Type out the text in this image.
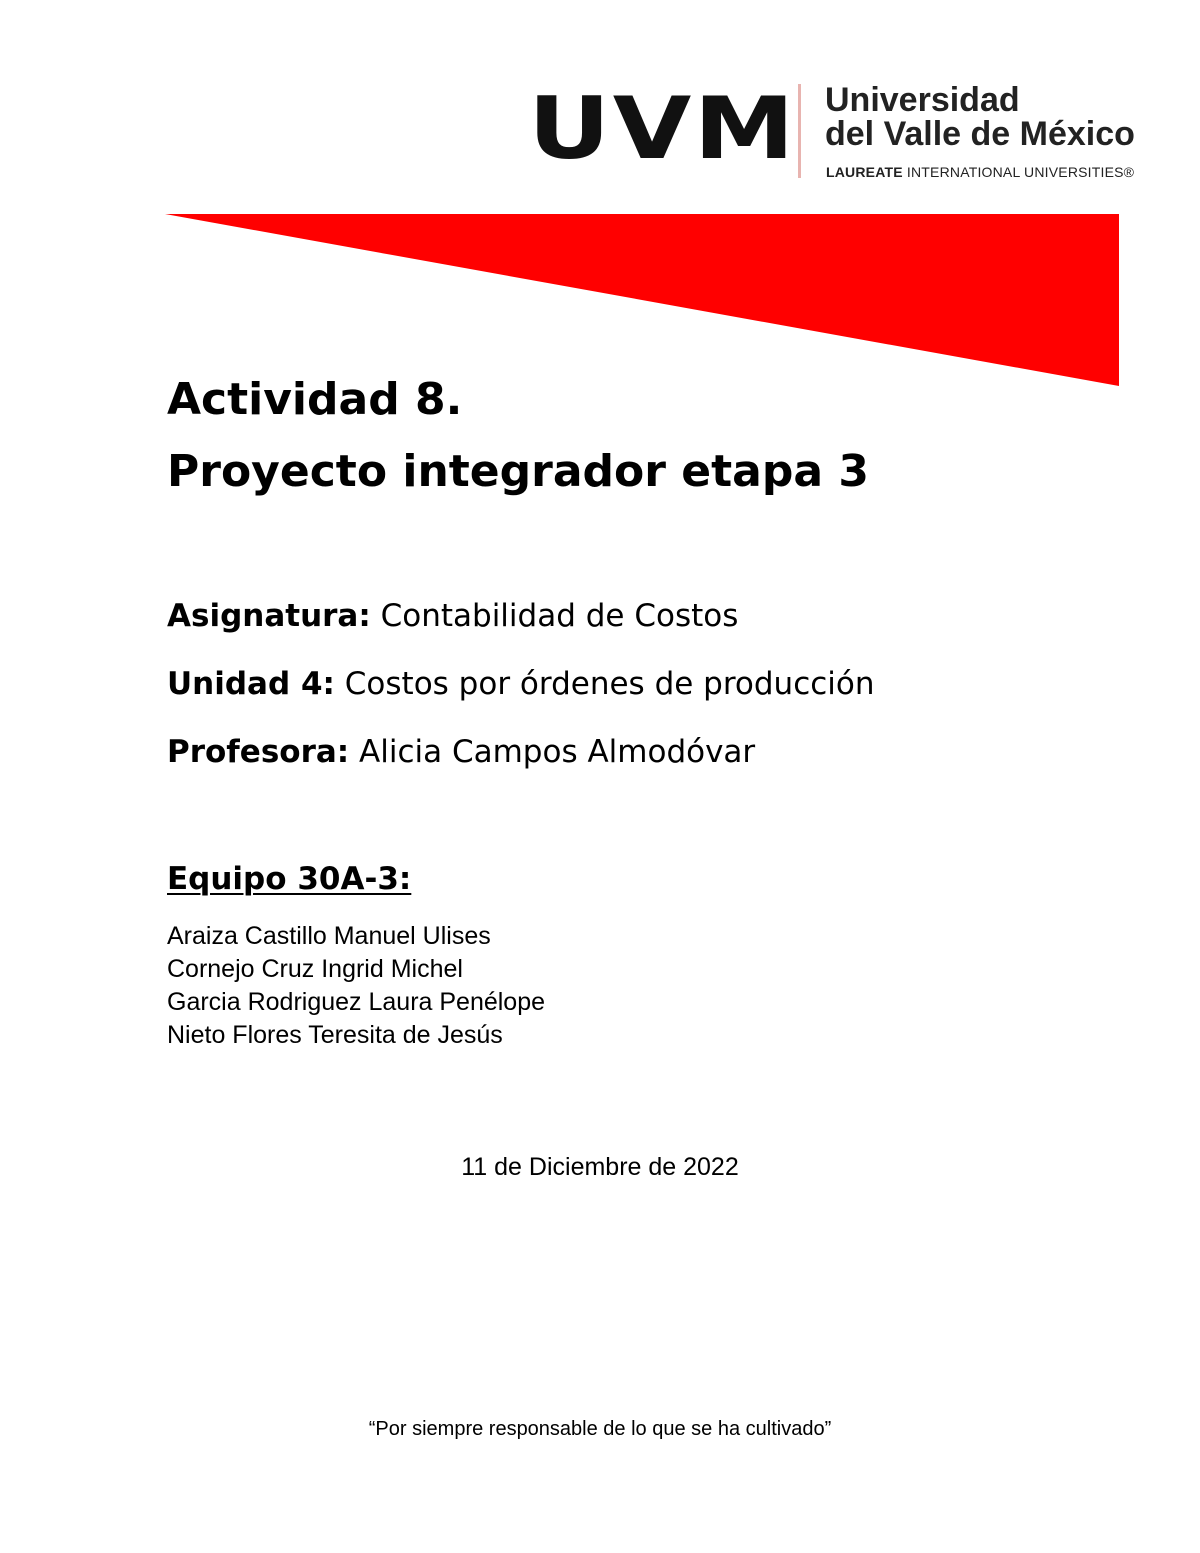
UVM Universidad
del Valle de México
LAUREATE INTERNATIONAL UNIVERSITIES®
Actividad 8.
Proyecto integrador etapa 3
Asignatura: Contabilidad de Costos
Unidad 4: Costos por órdenes de producción
Profesora: Alicia Campos Almodóvar
Equipo 30A-3:
Araiza Castillo Manuel Ulises
Cornejo Cruz Ingrid Michel
Garcia Rodriguez Laura Penélope
Nieto Flores Teresita de Jesús
11 de Diciembre de 2022
“Por siempre responsable de lo que se ha cultivado”
